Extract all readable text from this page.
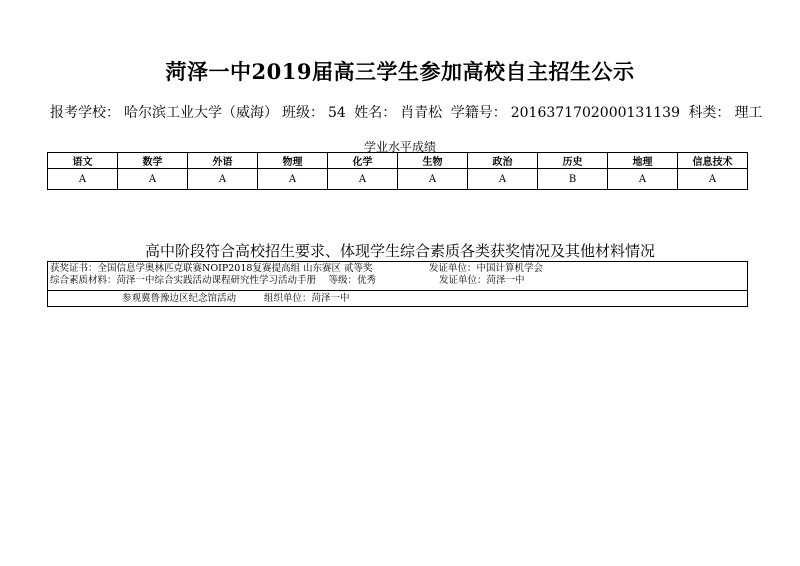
菏泽一中2019届高三学生参加高校自主招生公示
报考学校： 哈尔滨工业大学（威海） 班级： 54 姓名： 肖青松 学籍号： 2016371702000131139 科类： 理工
学业水平成绩
语文	数学	外语	物理	化学	生物	政治	历史	地理	信息技术
A	A	A	A	A	A	A	B	A	A
高中阶段符合高校招生要求、体现学生综合素质各类获奖情况及其他材料情况
获奖证书：全国信息学奥林匹克联赛NOIP2018复赛提高组 山东赛区 贰等奖	发证单位：中国计算机学会
综合素质材料：菏泽一中综合实践活动课程研究性学习活动手册　 等级：优秀	发证单位：菏泽一中
参观冀鲁豫边区纪念馆活动	组织单位：菏泽一中
